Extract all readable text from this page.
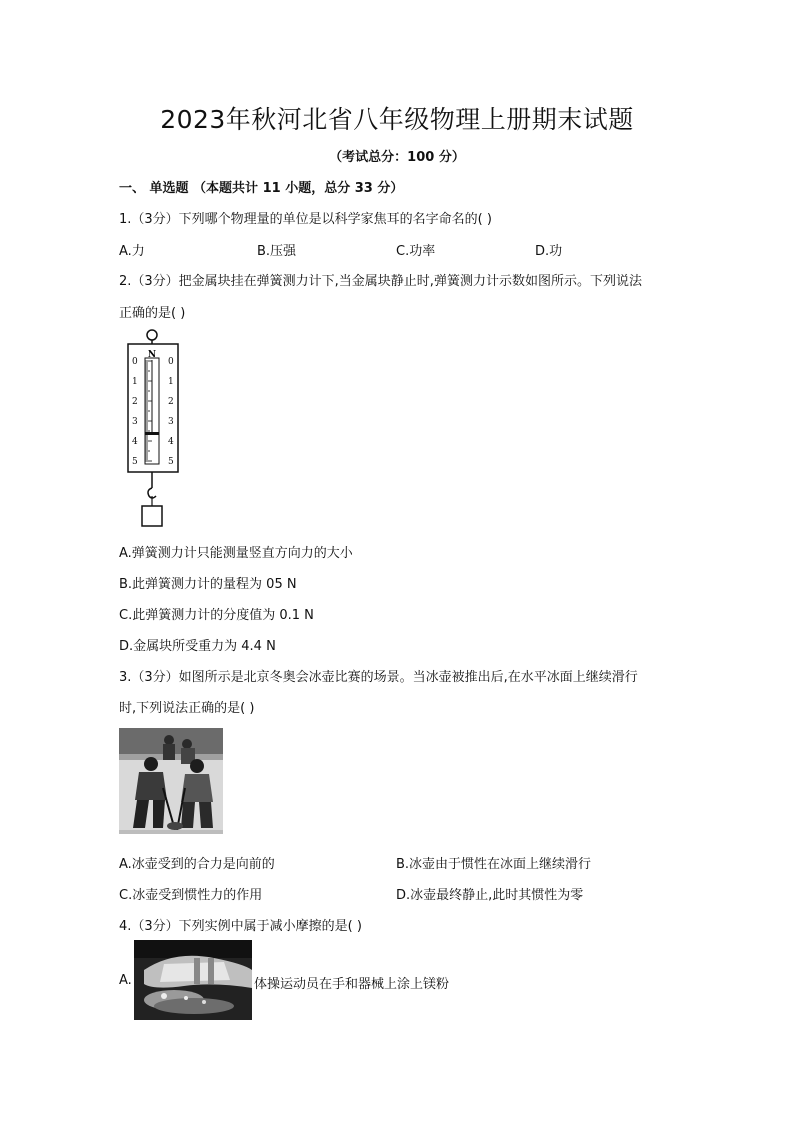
2023年秋河北省八年级物理上册期末试题
（考试总分：100 分）
一、 单选题 （本题共计 11 小题，总分 33 分）
1.（3分）下列哪个物理量的单位是以科学家焦耳的名字命名的( )
A.力	B.压强	C.功率	D.功
2.（3分）把金属块挂在弹簧测力计下,当金属块静止时,弹簧测力计示数如图所示。下列说法
正确的是( )
N
0
1
2
3
4
5
0
1
2
3
4
5
A.弹簧测力计只能测量竖直方向力的大小
B.此弹簧测力计的量程为 05 N
C.此弹簧测力计的分度值为 0.1 N
D.金属块所受重力为 4.4 N
3.（3分）如图所示是北京冬奥会冰壶比赛的场景。当冰壶被推出后,在水平冰面上继续滑行
时,下列说法正确的是( )
A.冰壶受到的合力是向前的	B.冰壶由于惯性在冰面上继续滑行
C.冰壶受到惯性力的作用	D.冰壶最终静止,此时其惯性为零
4.（3分）下列实例中属于减小摩擦的是( )
A.	体操运动员在手和器械上涂上镁粉
